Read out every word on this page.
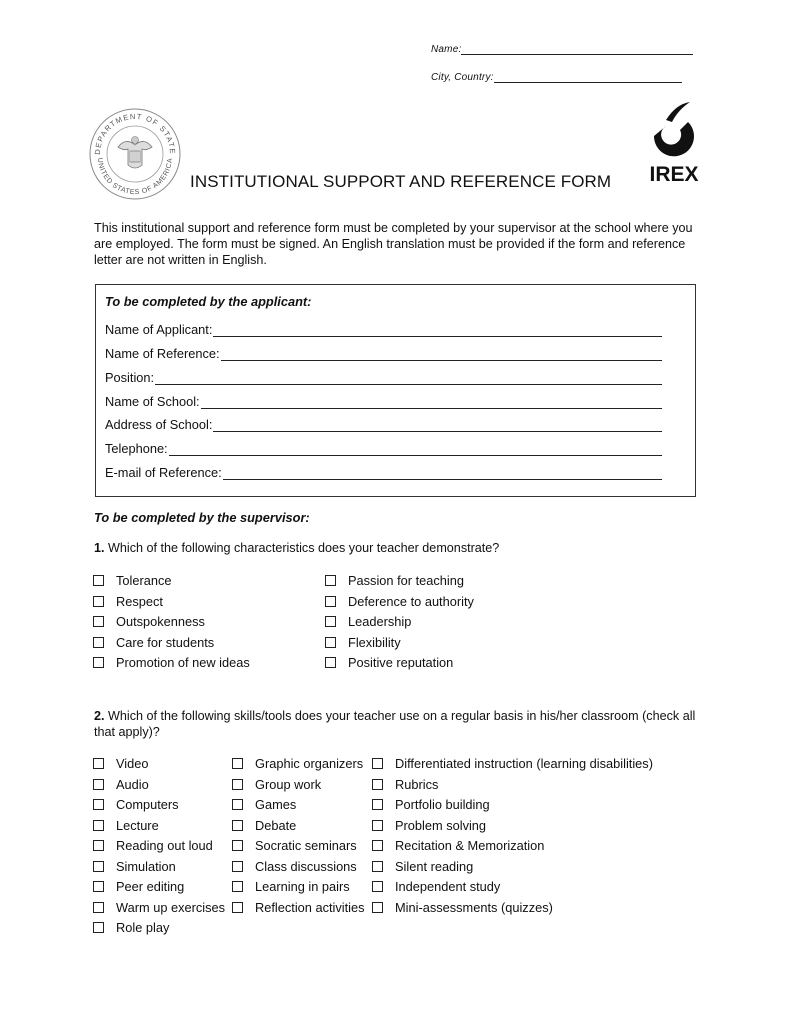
Name:
City, Country:
DEPARTMENT OF STATE
UNITED STATES OF AMERICA
INSTITUTIONAL SUPPORT AND REFERENCE FORM IREX
This institutional support and reference form must be completed by your supervisor at the school where you are employed. The form must be signed. An English translation must be provided if the form and reference letter are not written in English.
To be completed by the applicant:
Name of Applicant:
Name of Reference:
Position:
Name of School:
Address of School:
Telephone:
E-mail of Reference:
To be completed by the supervisor:
1. Which of the following characteristics does your teacher demonstrate?
Tolerance
Respect
Outspokenness
Care for students
Promotion of new ideas
Passion for teaching
Deference to authority
Leadership
Flexibility
Positive reputation
2. Which of the following skills/tools does your teacher use on a regular basis in his/her classroom (check all that apply)?
Video
Audio
Computers
Lecture
Reading out loud
Simulation
Peer editing
Warm up exercises
Role play
Graphic organizers
Group work
Games
Debate
Socratic seminars
Class discussions
Learning in pairs
Reflection activities
Differentiated instruction (learning disabilities)
Rubrics
Portfolio building
Problem solving
Recitation & Memorization
Silent reading
Independent study
Mini-assessments (quizzes)
